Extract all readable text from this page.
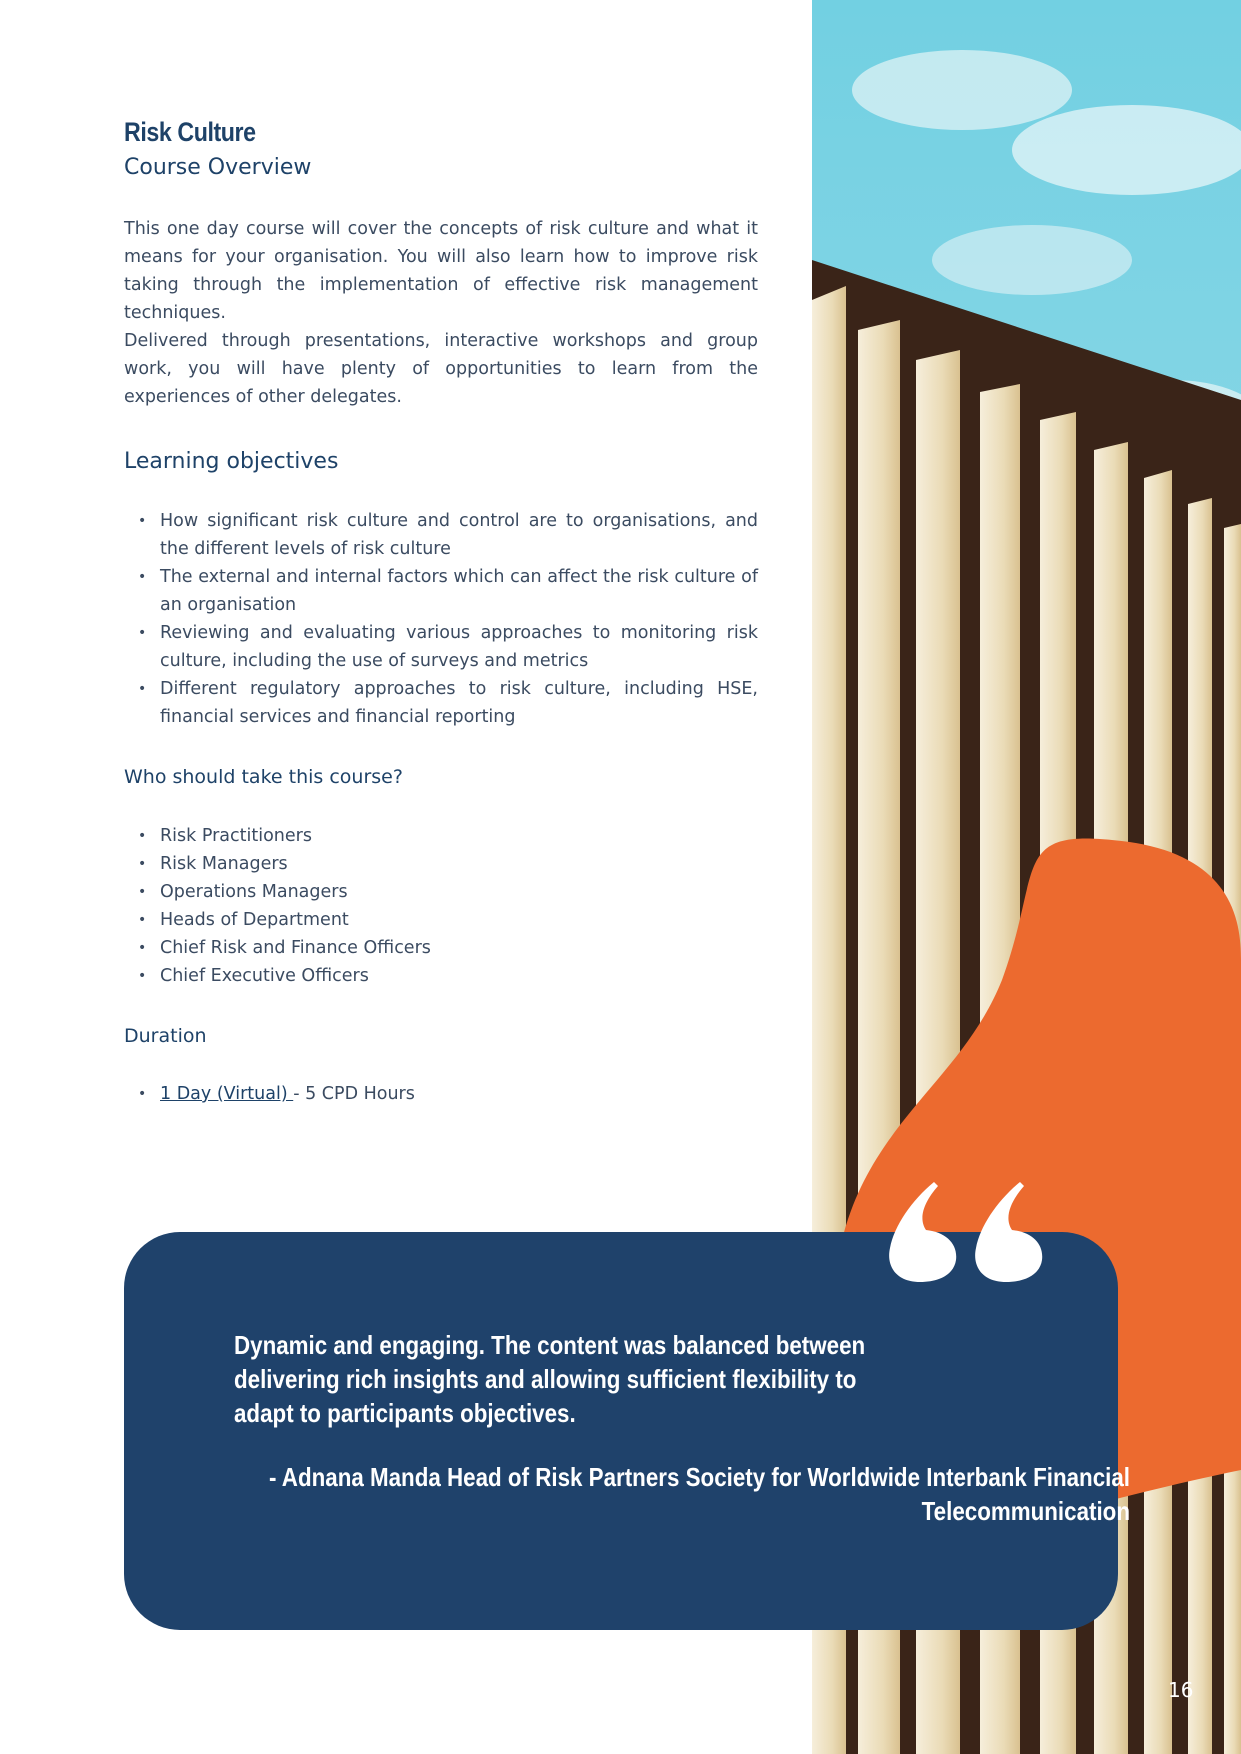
Risk Culture
Course Overview

This one day course will cover the concepts of risk culture and what it means for your organisation. You will also learn how to improve risk taking through the implementation of effective risk management techniques.

Delivered through presentations, interactive workshops and group work, you will have plenty of opportunities to learn from the experiences of other delegates.

Learning objectives
• How significant risk culture and control are to organisations, and the different levels of risk culture
• The external and internal factors which can affect the risk culture of an organisation
• Reviewing and evaluating various approaches to monitoring risk culture, including the use of surveys and metrics
• Different regulatory approaches to risk culture, including HSE, financial services and financial reporting
Who should take this course?
• Risk Practitioners
• Risk Managers
• Operations Managers
• Heads of Department
• Chief Risk and Finance Officers
• Chief Executive Officers
Duration
• 1 Day (Virtual) - 5 CPD Hours

Dynamic and engaging. The content was balanced between delivering rich insights and allowing sufficient flexibility to adapt to participants objectives.

- Adnana Manda Head of Risk Partners Society for Worldwide Interbank Financial Telecommunication

16
